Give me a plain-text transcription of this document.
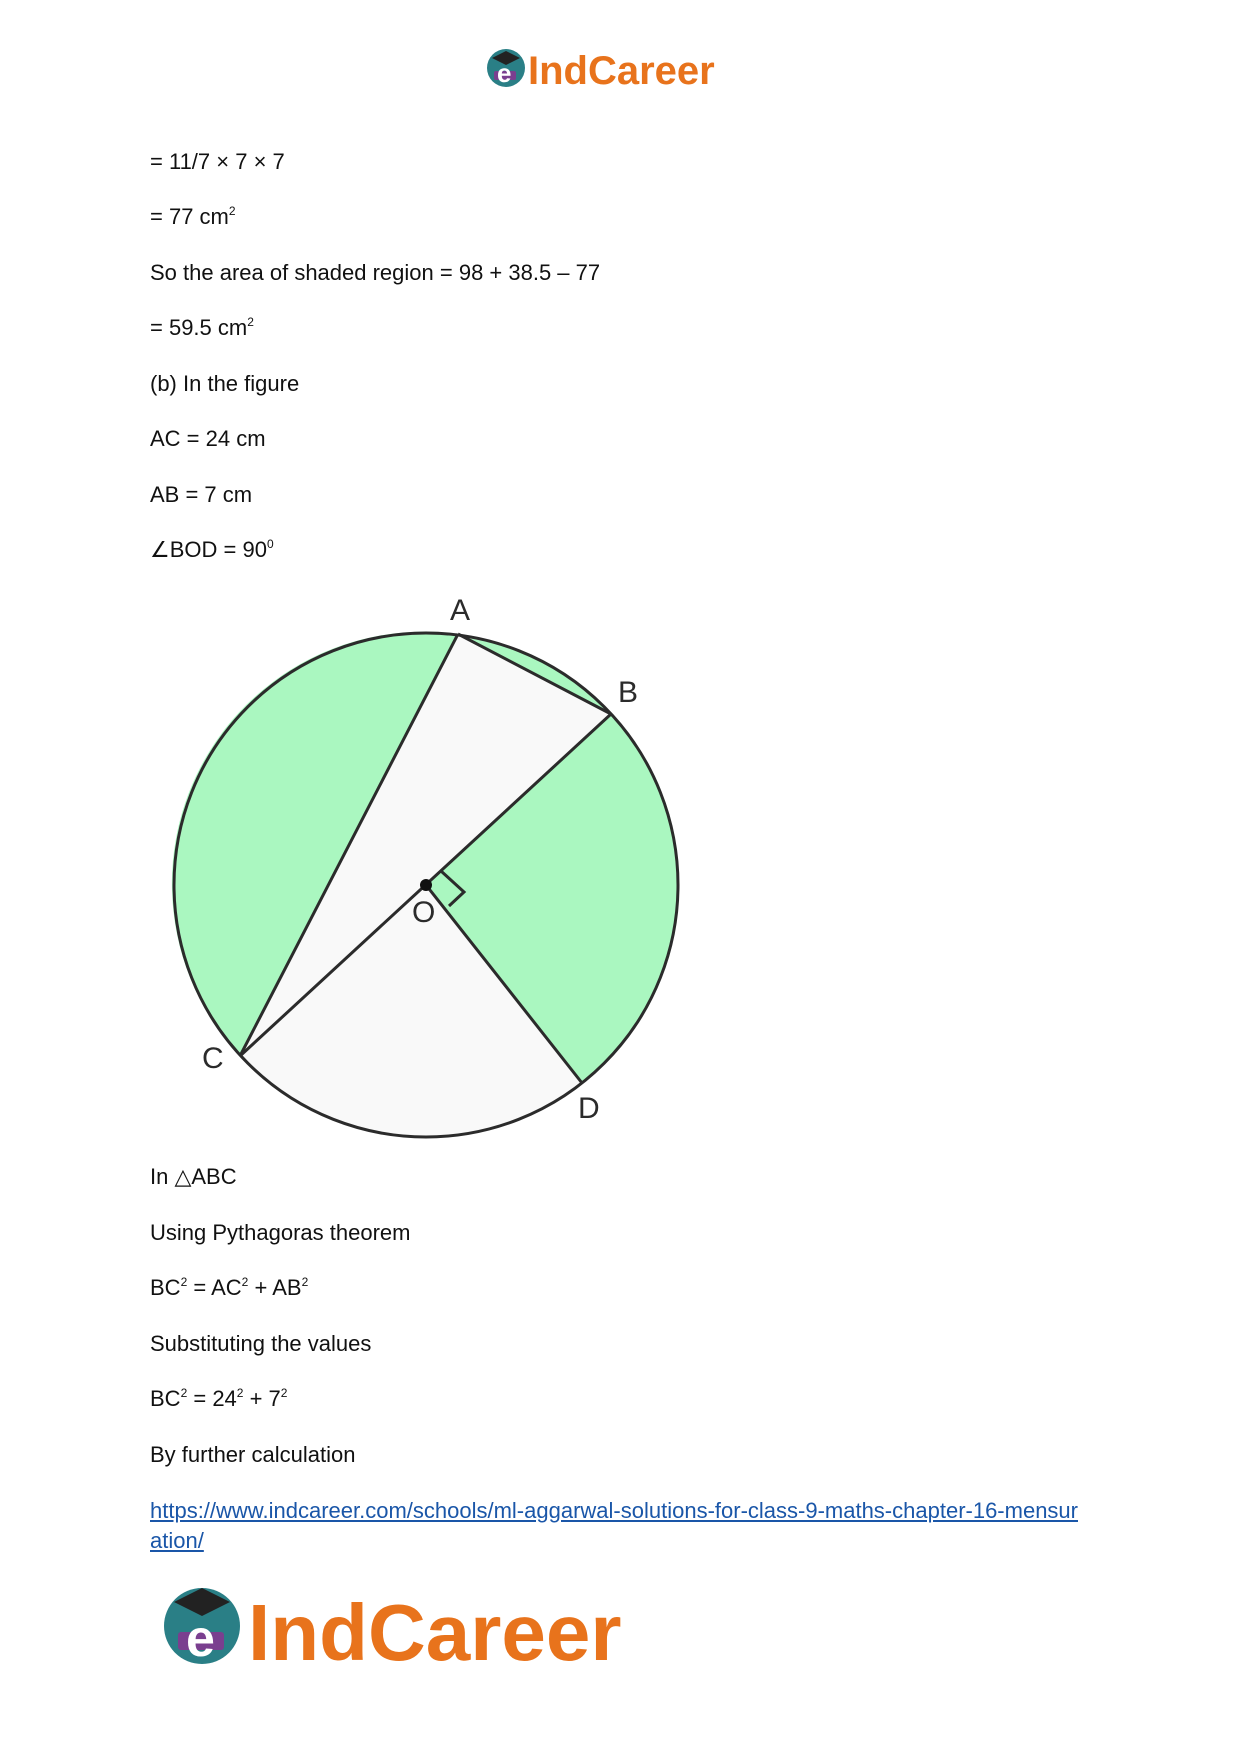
e IndCareer

= 11/7 × 7 × 7

= 77 $cm^2$

So the area of shaded region = 98 + 38.5 – 77

= 59.5 $cm^2$

(b) In the figure

AC = 24 cm

AB = 7 cm

∠BOD = $90^0$

A
B
C
D
O

In △ABC

Using Pythagoras theorem

$BC^2 = AC^2 + AB^2$

Substituting the values

$BC^2 = 24^2 + 7^2$

By further calculation

https://www.indcareer.com/schools/ml-aggarwal-solutions-for-class-9-maths-chapter-16-mensuration/
e IndCareer
